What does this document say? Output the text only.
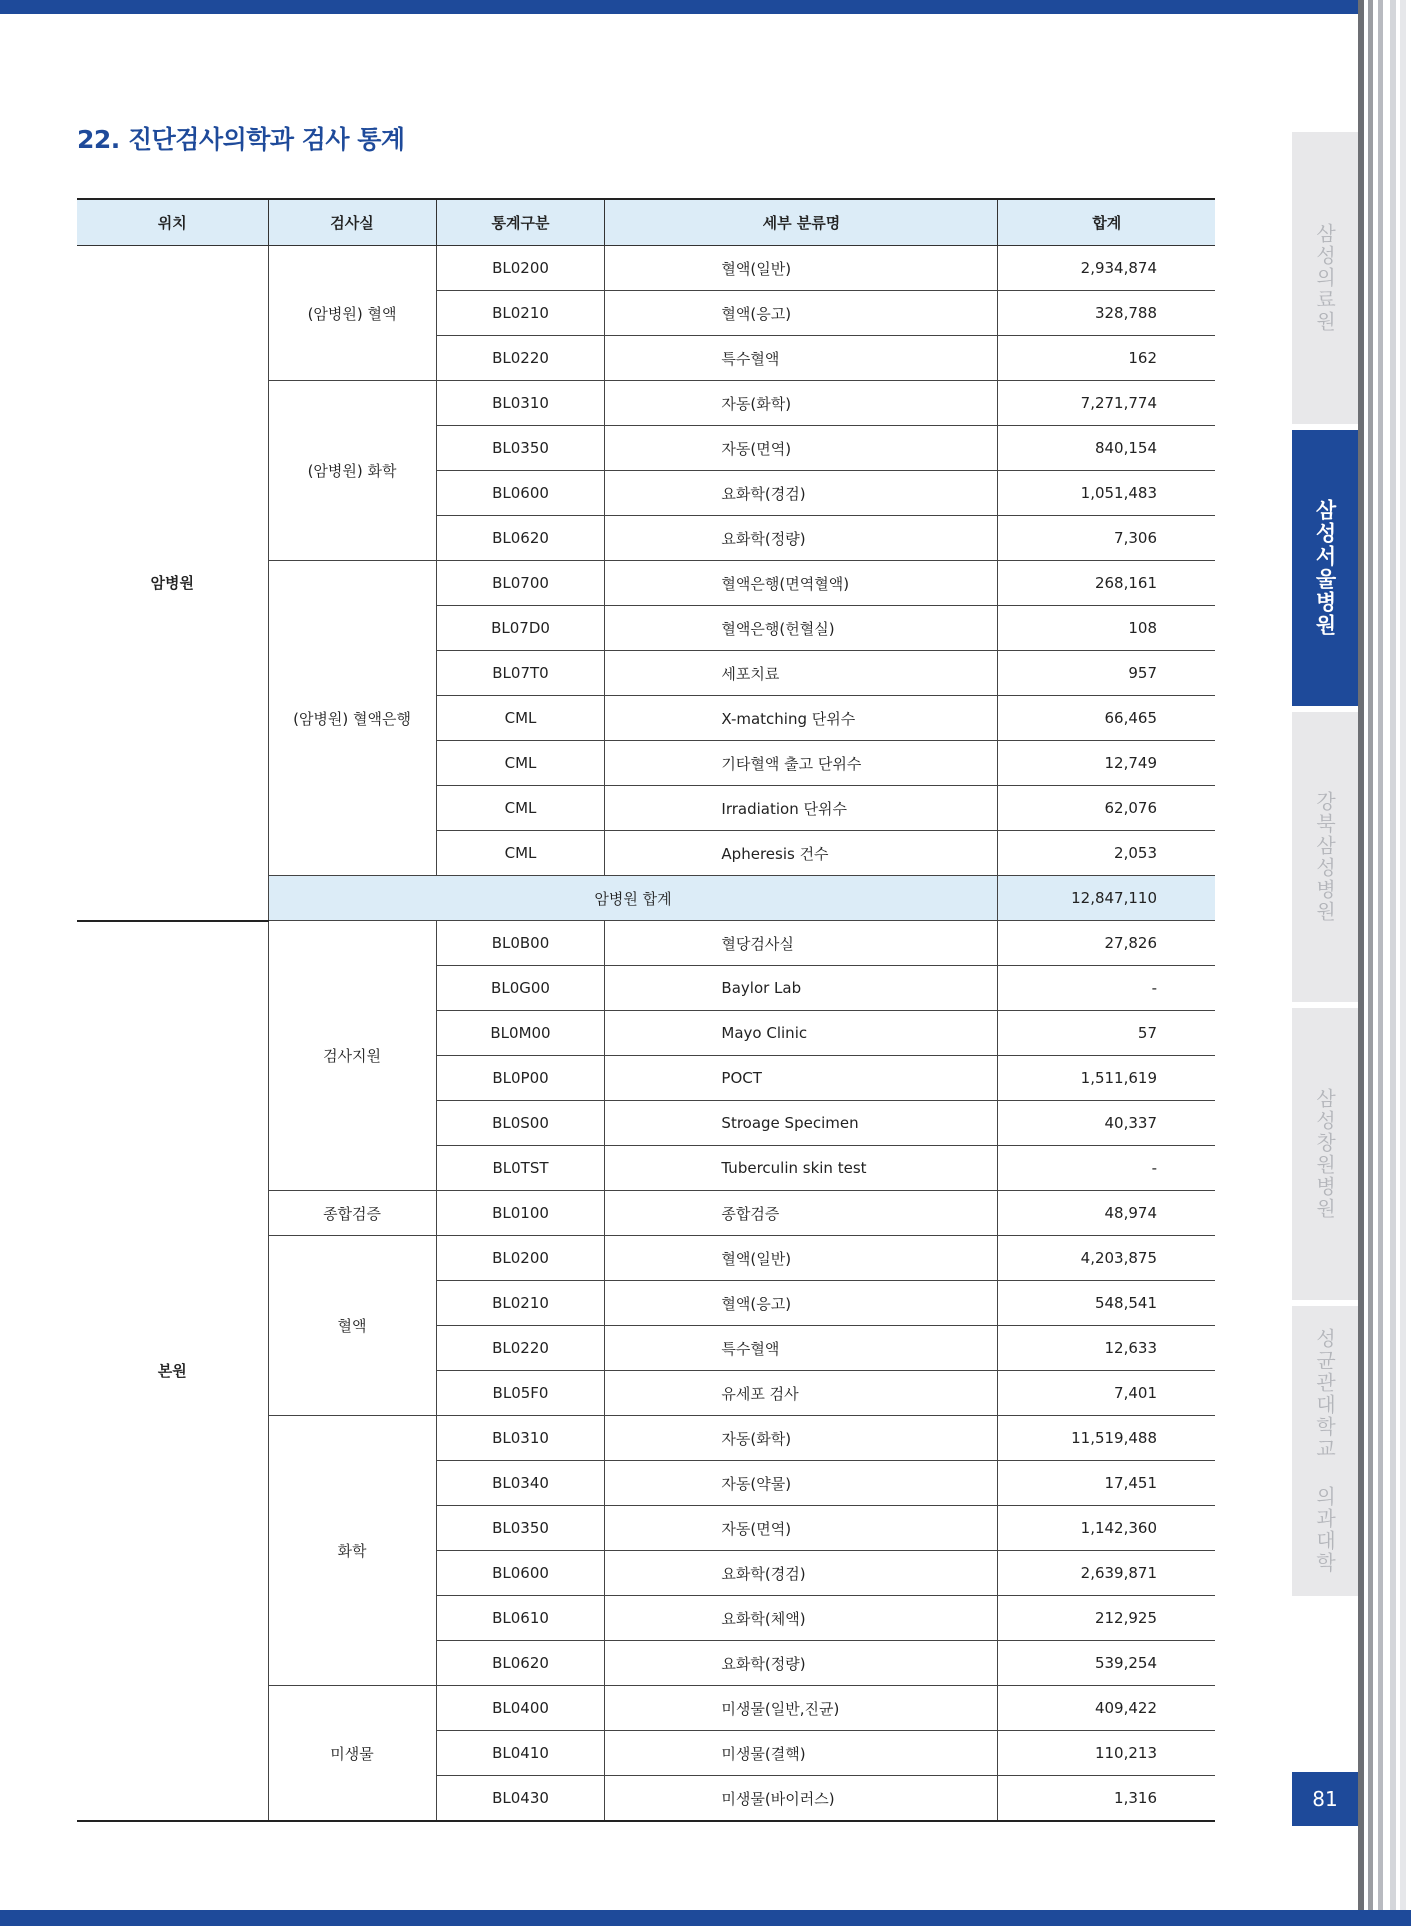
22. 진단검사의학과 검사 통계
위치	검사실	통계구분	세부 분류명	합계
암병원	(암병원) 혈액	BL0200	혈액(일반)	2,934,874
		BL0210	혈액(응고)	328,788
		BL0220	특수혈액	162
	(암병원) 화학	BL0310	자동(화학)	7,271,774
		BL0350	자동(면역)	840,154
		BL0600	요화학(경검)	1,051,483
		BL0620	요화학(정량)	7,306
	(암병원) 혈액은행	BL0700	혈액은행(면역혈액)	268,161
		BL07D0	혈액은행(헌혈실)	108
		BL07T0	세포치료	957
		CML	X-matching 단위수	66,465
		CML	기타혈액 출고 단위수	12,749
		CML	Irradiation 단위수	62,076
		CML	Apheresis 건수	2,053
	암병원 합계			12,847,110
본원	검사지원	BL0B00	혈당검사실	27,826
		BL0G00	Baylor Lab	-
		BL0M00	Mayo Clinic	57
		BL0P00	POCT	1,511,619
		BL0S00	Stroage Specimen	40,337
		BL0TST	Tuberculin skin test	-
	종합검증	BL0100	종합검증	48,974
	혈액	BL0200	혈액(일반)	4,203,875
		BL0210	혈액(응고)	548,541
		BL0220	특수혈액	12,633
		BL05F0	유세포 검사	7,401
	화학	BL0310	자동(화학)	11,519,488
		BL0340	자동(약물)	17,451
		BL0350	자동(면역)	1,142,360
		BL0600	요화학(경검)	2,639,871
		BL0610	요화학(체액)	212,925
		BL0620	요화학(정량)	539,254
	미생물	BL0400	미생물(일반,진균)	409,422
		BL0410	미생물(결핵)	110,213
		BL0430	미생물(바이러스)	1,316
삼성의료원
삼성서울병원
강북삼성병원
삼성창원병원
성균관대학교 의과대학
81
